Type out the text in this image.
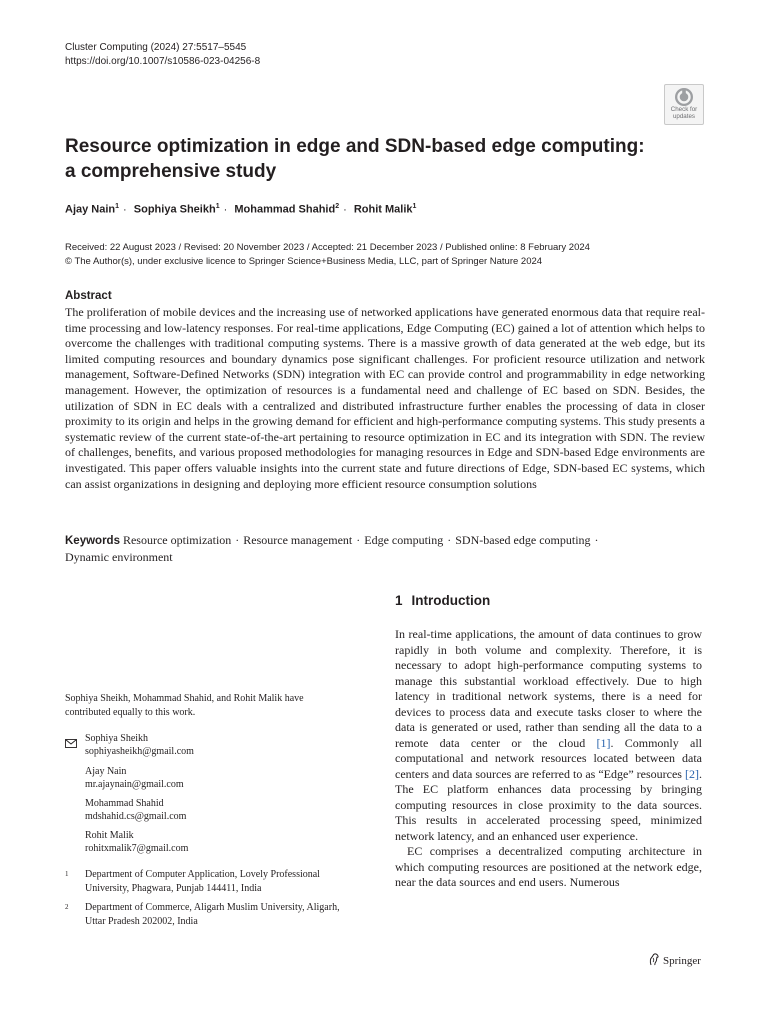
Cluster Computing (2024) 27:5517–5545
https://doi.org/10.1007/s10586-023-04256-8
Check for updates
Resource optimization in edge and SDN-based edge computing: a comprehensive study
Ajay Nain$^1$ · Sophiya Sheikh$^1$ · Mohammad Shahid$^2$ · Rohit Malik$^1$
Received: 22 August 2023 / Revised: 20 November 2023 / Accepted: 21 December 2023 / Published online: 8 February 2024
© The Author(s), under exclusive licence to Springer Science+Business Media, LLC, part of Springer Nature 2024
Abstract
The proliferation of mobile devices and the increasing use of networked applications have generated enormous data that require real-time processing and low-latency responses. For real-time applications, Edge Computing (EC) gained a lot of attention which helps to overcome the challenges with traditional computing systems. There is a massive growth of data generated at the web edge, but its limited computing resources and boundary dynamics pose significant challenges. For proficient resource utilization and network management, Software-Defined Networks (SDN) integration with EC can provide control and programmability in edge networking management. However, the optimization of resources is a fundamental need and challenge of EC based on SDN. Besides, the utilization of SDN in EC deals with a centralized and distributed infrastructure further enables the processing of data in closer proximity to its origin and helps in the growing demand for efficient and high-performance computing systems. This study presents a systematic review of the current state-of-the-art pertaining to resource optimization in EC and its integration with SDN. The review of challenges, benefits, and various proposed methodologies for managing resources in Edge and SDN-based Edge environments are investigated. This paper offers valuable insights into the current state and future directions of Edge, SDN-based EC systems, which can assist organizations in designing and deploying more efficient resource consumption solutions
Keywords Resource optimization · Resource management · Edge computing · SDN-based edge computing ·
Dynamic environment
1 Introduction

In real-time applications, the amount of data continues to grow rapidly in both volume and complexity. Therefore, it is necessary to adopt high-performance computing systems to manage this substantial workload effectively. Due to high latency in traditional network systems, there is a need for devices to process data and execute tasks closer to where the data is generated or used, rather than sending all the data to a remote data center or the cloud [1]. Commonly all computational and network resources located between data centers and data sources are referred to as “Edge” resources [2]. The EC platform enhances data processing by bringing computing resources in close proximity to the data sources. This results in accelerated processing speed, minimized network latency, and an enhanced user experience.

EC comprises a decentralized computing architecture in which computing resources are positioned at the network edge, near the data sources and end users. Numerous

Sophiya Sheikh, Mohammad Shahid, and Rohit Malik have contributed equally to this work.
Sophiya Sheikh
sophiyasheikh@gmail.com
Ajay Nain
mr.ajaynain@gmail.com
Mohammad Shahid
mdshahid.cs@gmail.com
Rohit Malik
rohitxmalik7@gmail.com
1 Department of Computer Application, Lovely Professional University, Phagwara, Punjab 144411, India
2 Department of Commerce, Aligarh Muslim University, Aligarh, Uttar Pradesh 202002, India
Springer
